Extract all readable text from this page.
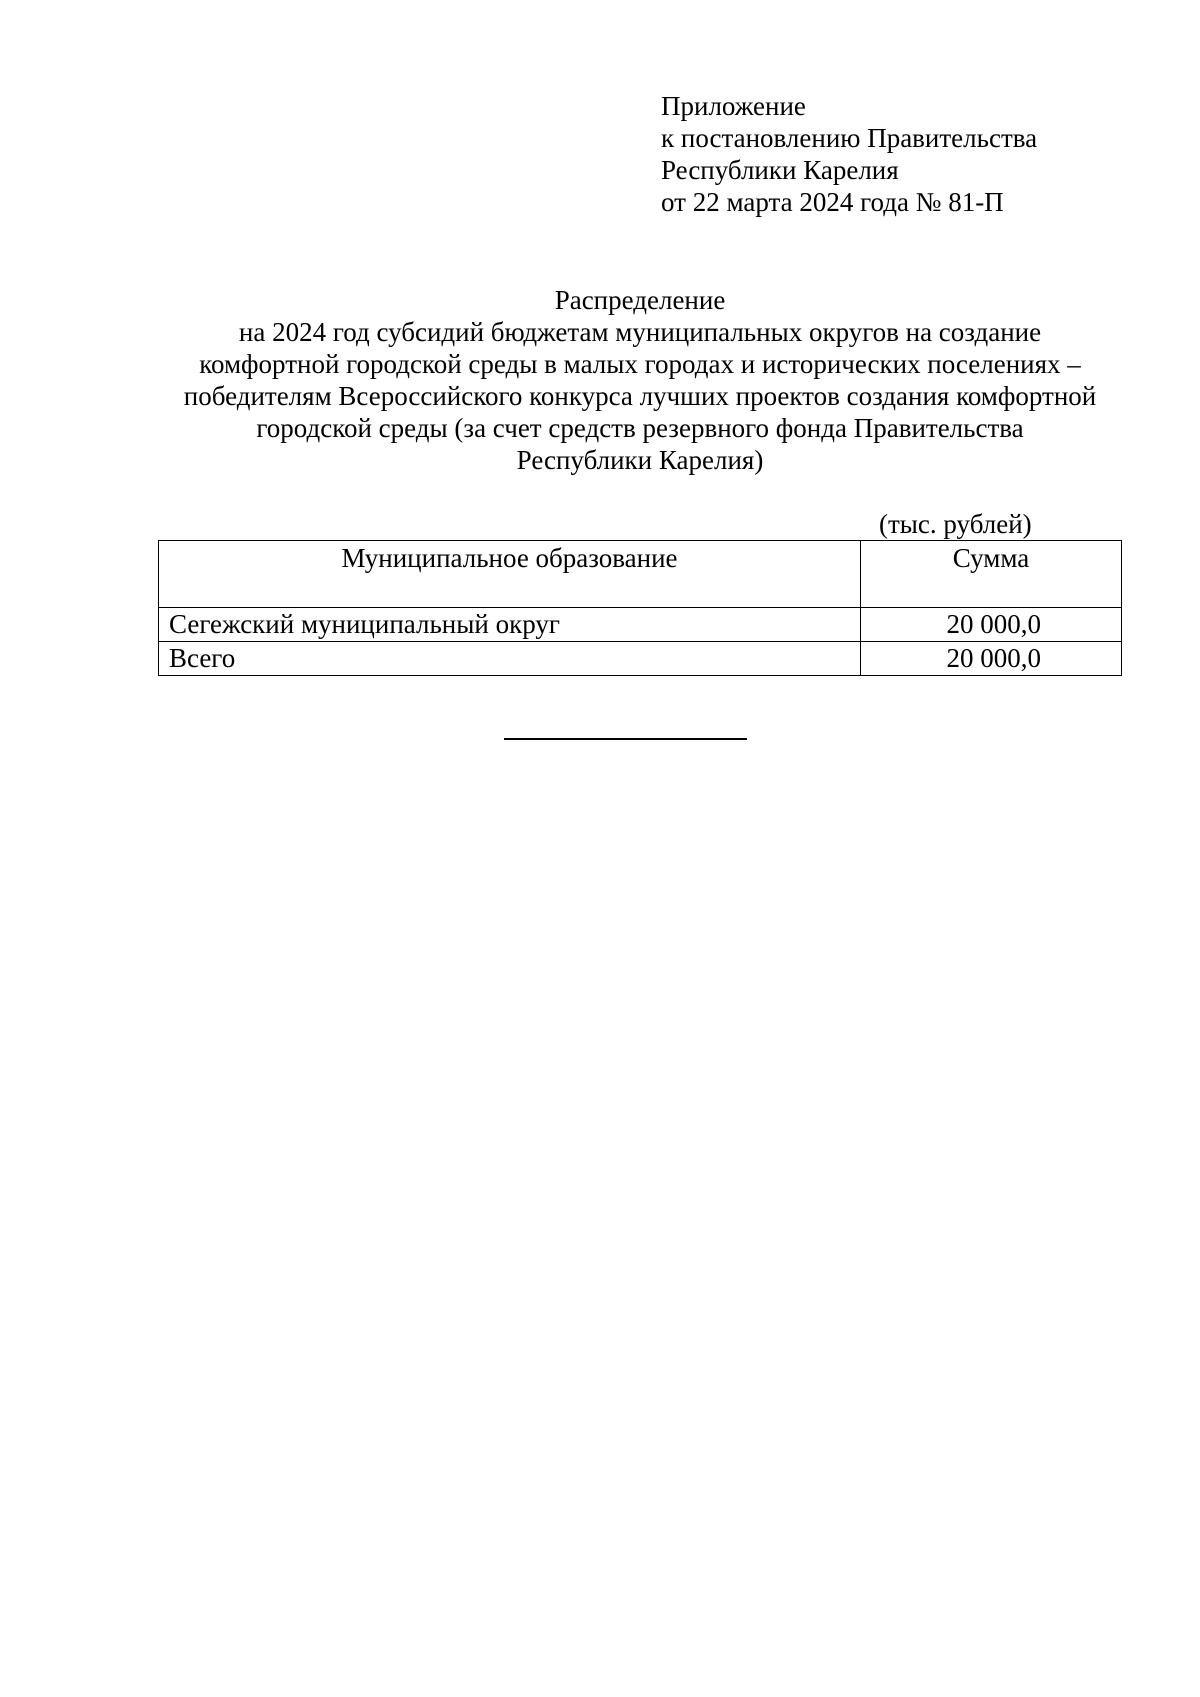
Приложение
к постановлению Правительства
Республики Карелия
от 22 марта 2024 года № 81-П
Распределение
на 2024 год субсидий бюджетам муниципальных округов на создание
комфортной городской среды в малых городах и исторических поселениях –
победителям Всероссийского конкурса лучших проектов создания комфортной
городской среды (за счет средств резервного фонда Правительства
Республики Карелия)
(тыс. рублей)
Муниципальное образование	Сумма
Сегежский муниципальный округ	20 000,0
Всего	20 000,0
